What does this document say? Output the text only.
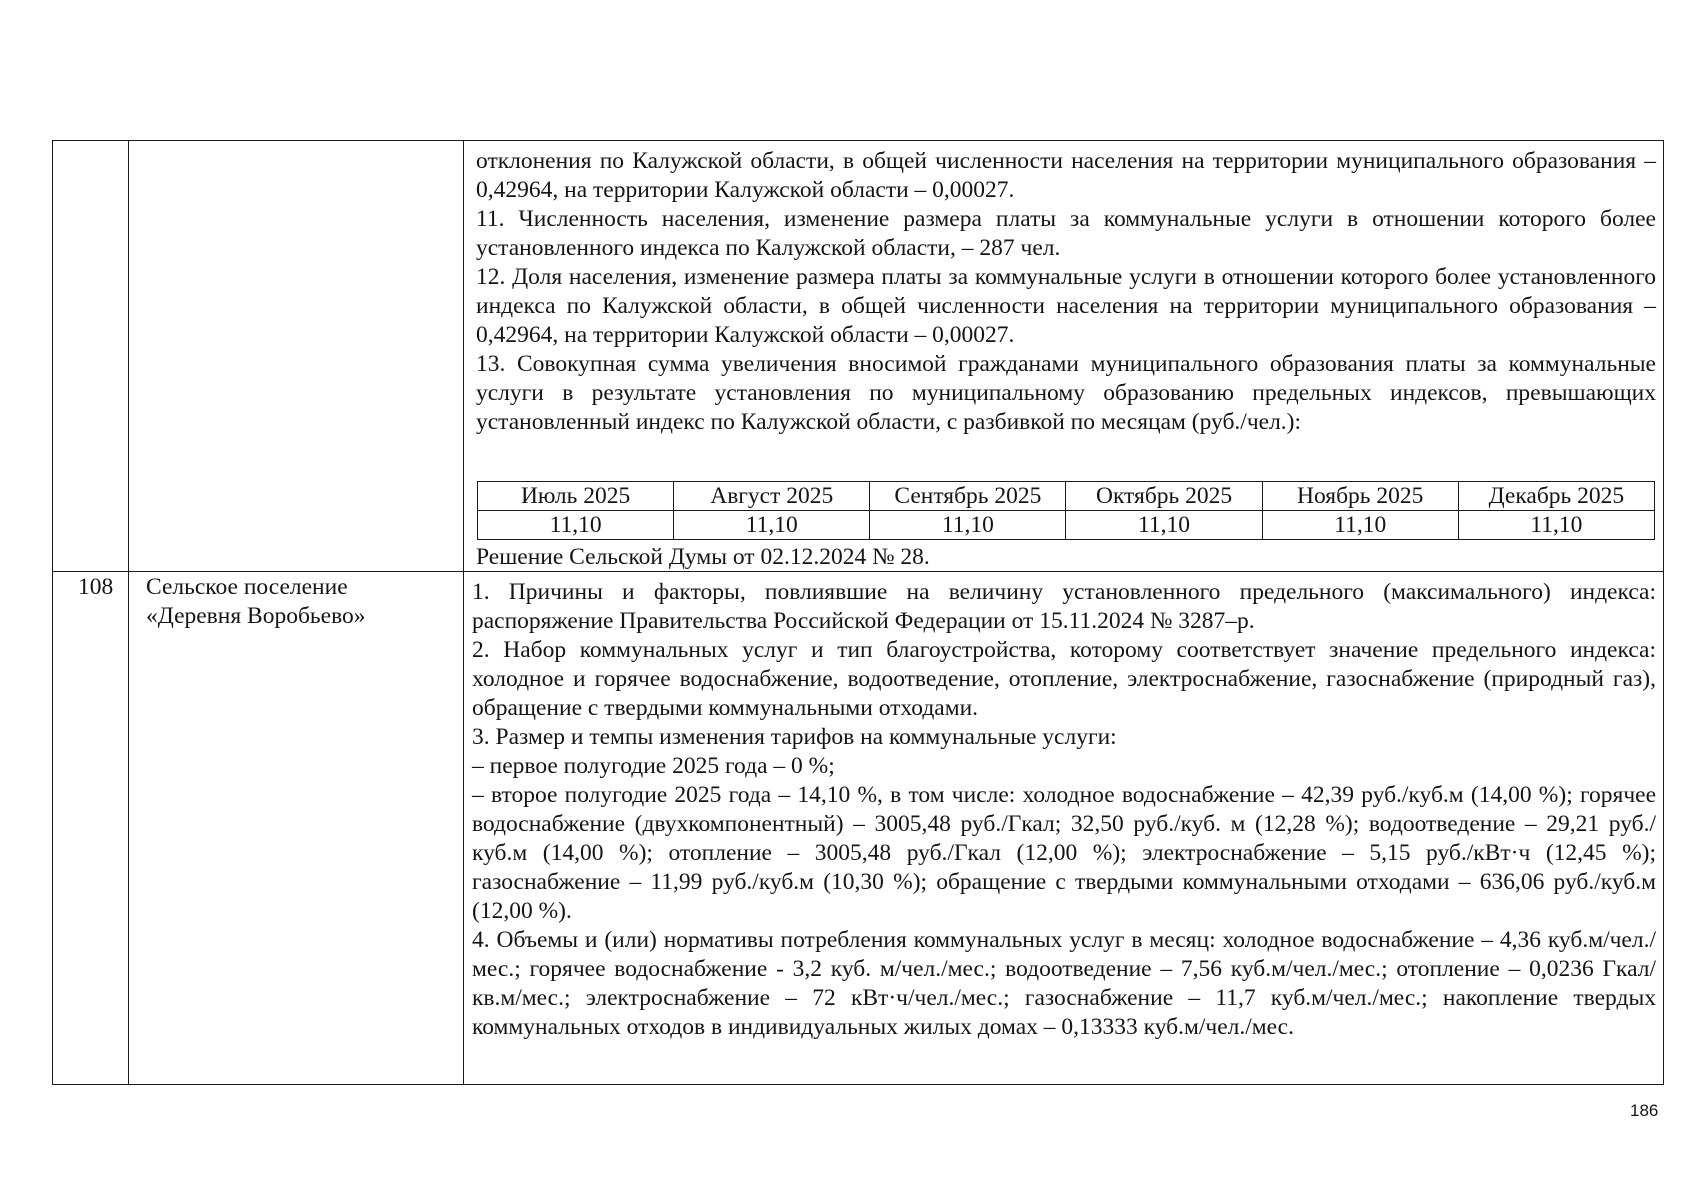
отклонения по Калужской области, в общей численности населения на территории муниципального образования – 0,42964, на территории Калужской области – 0,00027.

11. Численность населения, изменение размера платы за коммунальные услуги в отношении которого более установленного индекса по Калужской области, – 287 чел.

12. Доля населения, изменение размера платы за коммунальные услуги в отношении которого более установленного индекса по Калужской области, в общей численности населения на территории муниципального образования – 0,42964, на территории Калужской области – 0,00027.

13. Совокупная сумма увеличения вносимой гражданами муниципального образования платы за коммунальные услуги в результате установления по муниципальному образованию предельных индексов, превышающих установленный индекс по Калужской области, с разбивкой по месяцам (руб./чел.):

Июль 2025	Август 2025	Сентябрь 2025	Октябрь 2025	Ноябрь 2025	Декабрь 2025
11,10	11,10	11,10	11,10	11,10	11,10
Решение Сельской Думы от 02.12.2024 № 28.
108 Сельское поселение
«Деревня Воробьево»

1. Причины и факторы, повлиявшие на величину установленного предельного (максимального) индекса: распоряжение Правительства Российской Федерации от 15.11.2024 № 3287–р.

2. Набор коммунальных услуг и тип благоустройства, которому соответствует значение предельного индекса: холодное и горячее водоснабжение, водоотведение, отопление, электроснабжение, газоснабжение (природный газ), обращение с твердыми коммунальными отходами.

3. Размер и темпы изменения тарифов на коммунальные услуги:

– первое полугодие 2025 года – 0 %;

– второе полугодие 2025 года – 14,10 %, в том числе: холодное водоснабжение – 42,39 руб./куб.м (14,00 %); горячее водоснабжение (двухкомпонентный) – 3005,48 руб./Гкал; 32,50 руб./куб. м (12,28 %); водоотведение – 29,21 руб./куб.м (14,00 %); отопление – 3005,48 руб./Гкал (12,00 %); электроснабжение – 5,15 руб./кВт·ч (12,45 %); газоснабжение – 11,99 руб./куб.м (10,30 %); обращение с твердыми коммунальными отходами – 636,06 руб./куб.м (12,00 %).

4. Объемы и (или) нормативы потребления коммунальных услуг в месяц: холодное водоснабжение – 4,36 куб.м/чел./мес.; горячее водоснабжение - 3,2 куб. м/чел./мес.; водоотведение – 7,56 куб.м/чел./мес.; отопление – 0,0236 Гкал/кв.м/мес.; электроснабжение – 72 кВт·ч/чел./мес.; газоснабжение – 11,7 куб.м/чел./мес.; накопление твердых коммунальных отходов в индивидуальных жилых домах – 0,13333 куб.м/чел./мес.

186
